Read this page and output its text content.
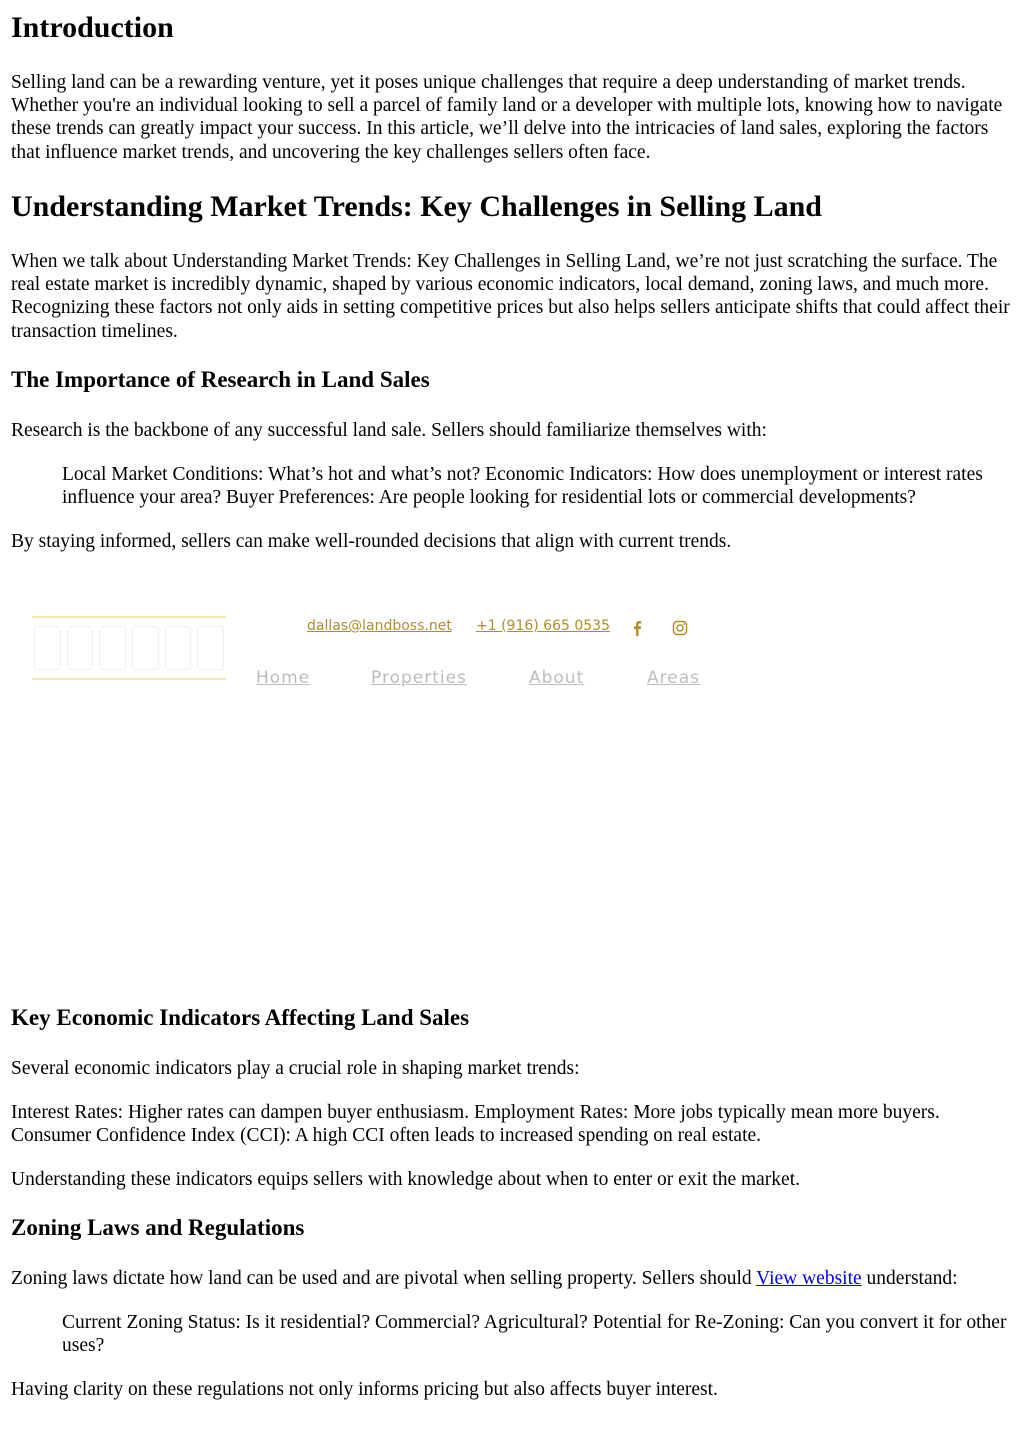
Introduction

Selling land can be a rewarding venture, yet it poses unique challenges that require a deep understanding of market trends. Whether you're an individual looking to sell a parcel of family land or a developer with multiple lots, knowing how to navigate these trends can greatly impact your success. In this article, we’ll delve into the intricacies of land sales, exploring the factors that influence market trends, and uncovering the key challenges sellers often face.

Understanding Market Trends: Key Challenges in Selling Land

When we talk about Understanding Market Trends: Key Challenges in Selling Land, we’re not just scratching the surface. The real estate market is incredibly dynamic, shaped by various economic indicators, local demand, zoning laws, and much more. Recognizing these factors not only aids in setting competitive prices but also helps sellers anticipate shifts that could affect their transaction timelines.

The Importance of Research in Land Sales

Research is the backbone of any successful land sale. Sellers should familiarize themselves with:

Local Market Conditions: What’s hot and what’s not? Economic Indicators: How does unemployment or interest rates influence your area? Buyer Preferences: Are people looking for residential lots or commercial developments?

By staying informed, sellers can make well-rounded decisions that align with current trends.

Key Economic Indicators Affecting Land Sales

Several economic indicators play a crucial role in shaping market trends:

Interest Rates: Higher rates can dampen buyer enthusiasm. Employment Rates: More jobs typically mean more buyers. Consumer Confidence Index (CCI): A high CCI often leads to increased spending on real estate.

Understanding these indicators equips sellers with knowledge about when to enter or exit the market.

Zoning Laws and Regulations

Zoning laws dictate how land can be used and are pivotal when selling property. Sellers should View website understand:

Current Zoning Status: Is it residential? Commercial? Agricultural? Potential for Re-Zoning: Can you convert it for other uses?

Having clarity on these regulations not only informs pricing but also affects buyer interest.

dallas@landboss.net +1 (916) 665 0535
Home	Properties	About	Areas
